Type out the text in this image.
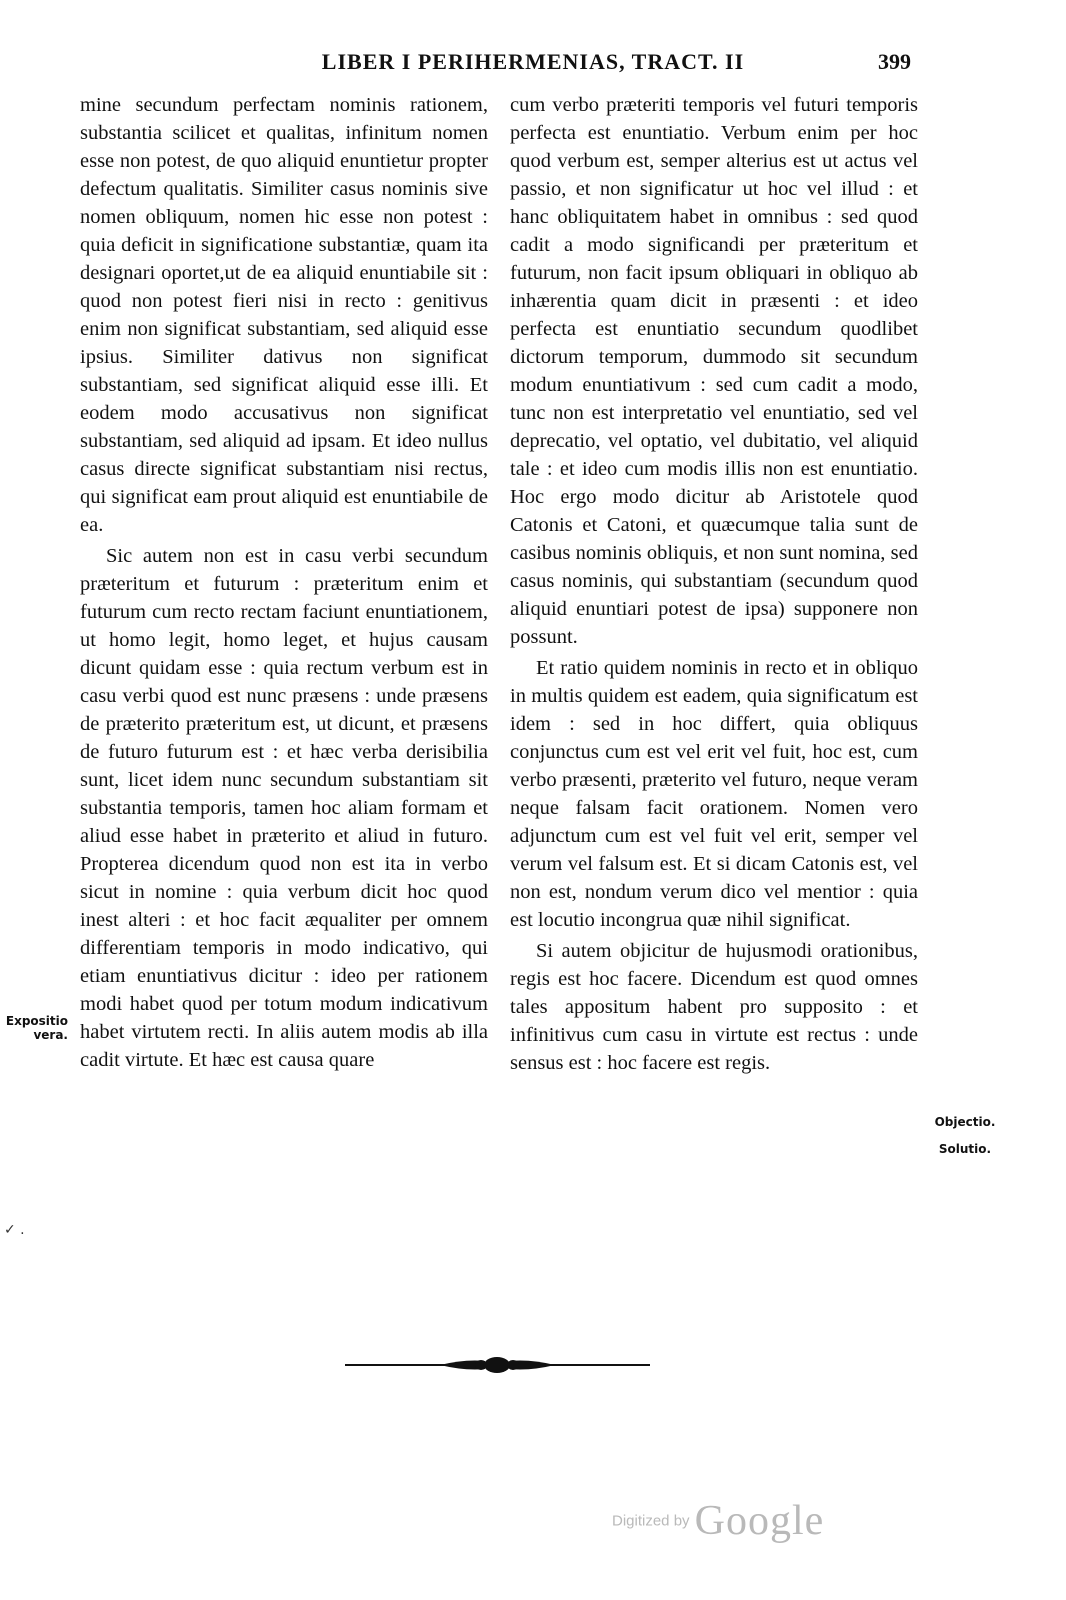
LIBER I PERIHERMENIAS, TRACT. II	399

mine secundum perfectam nominis rationem, substantia scilicet et qualitas, infinitum nomen esse non potest, de quo aliquid enuntietur propter defectum qualitatis. Similiter casus nominis sive nomen obliquum, nomen hic esse non potest : quia deficit in significatione substantiæ, quam ita designari oportet,ut de ea aliquid enuntiabile sit : quod non potest fieri nisi in recto : genitivus enim non significat substantiam, sed aliquid esse ipsius. Similiter dativus non significat substantiam, sed significat aliquid esse illi. Et eodem modo accusativus non significat substantiam, sed aliquid ad ipsam. Et ideo nullus casus directe significat substantiam nisi rectus, qui significat eam prout aliquid est enuntiabile de ea.

Sic autem non est in casu verbi secundum præteritum et futurum : præteritum enim et futurum cum recto rectam faciunt enuntiationem, ut homo legit, homo leget, et hujus causam dicunt quidam esse : quia rectum verbum est in casu verbi quod est nunc præsens : unde præsens de præterito præteritum est, ut dicunt, et præsens de futuro futurum est : et hæc verba derisibilia sunt, licet idem nunc secundum substantiam sit substantia temporis, tamen hoc aliam formam et aliud esse habet in præterito et aliud in futuro. Propterea dicendum quod non est ita in verbo sicut in nomine : quia verbum dicit hoc quod inest alteri : et hoc facit æqualiter per omnem differentiam temporis in modo indicativo, qui etiam enuntiativus dicitur : ideo per rationem modi habet quod per totum modum indicativum habet virtutem recti. In aliis autem modis ab illa cadit virtute. Et hæc est causa quare

cum verbo præteriti temporis vel futuri temporis perfecta est enuntiatio. Verbum enim per hoc quod verbum est, semper alterius est ut actus vel passio, et non significatur ut hoc vel illud : et hanc obliquitatem habet in omnibus : sed quod cadit a modo significandi per præteritum et futurum, non facit ipsum obliquari in obliquo ab inhærentia quam dicit in præsenti : et ideo perfecta est enuntiatio secundum quodlibet dictorum temporum, dummodo sit secundum modum enuntiativum : sed cum cadit a modo, tunc non est interpretatio vel enuntiatio, sed vel deprecatio, vel optatio, vel dubitatio, vel aliquid tale : et ideo cum modis illis non est enuntiatio. Hoc ergo modo dicitur ab Aristotele quod Catonis et Catoni, et quæcumque talia sunt de casibus nominis obliquis, et non sunt nomina, sed casus nominis, qui substantiam (secundum quod aliquid enuntiari potest de ipsa) supponere non possunt.

Et ratio quidem nominis in recto et in obliquo in multis quidem est eadem, quia significatum est idem : sed in hoc differt, quia obliquus conjunctus cum est vel erit vel fuit, hoc est, cum verbo præsenti, præterito vel futuro, neque veram neque falsam facit orationem. Nomen vero adjunctum cum est vel fuit vel erit, semper vel verum vel falsum est. Et si dicam Catonis est, vel non est, nondum verum dico vel mentior : quia est locutio incongrua quæ nihil significat.

Si autem objicitur de hujusmodi orationibus, regis est hoc facere. Dicendum est quod omnes tales appositum habent pro supposito : et infinitivus cum casu in virtute est rectus : unde sensus est : hoc facere est regis.

Expositio
vera.
Objectio.
Solutio.
✓ .
Digitized by Google
